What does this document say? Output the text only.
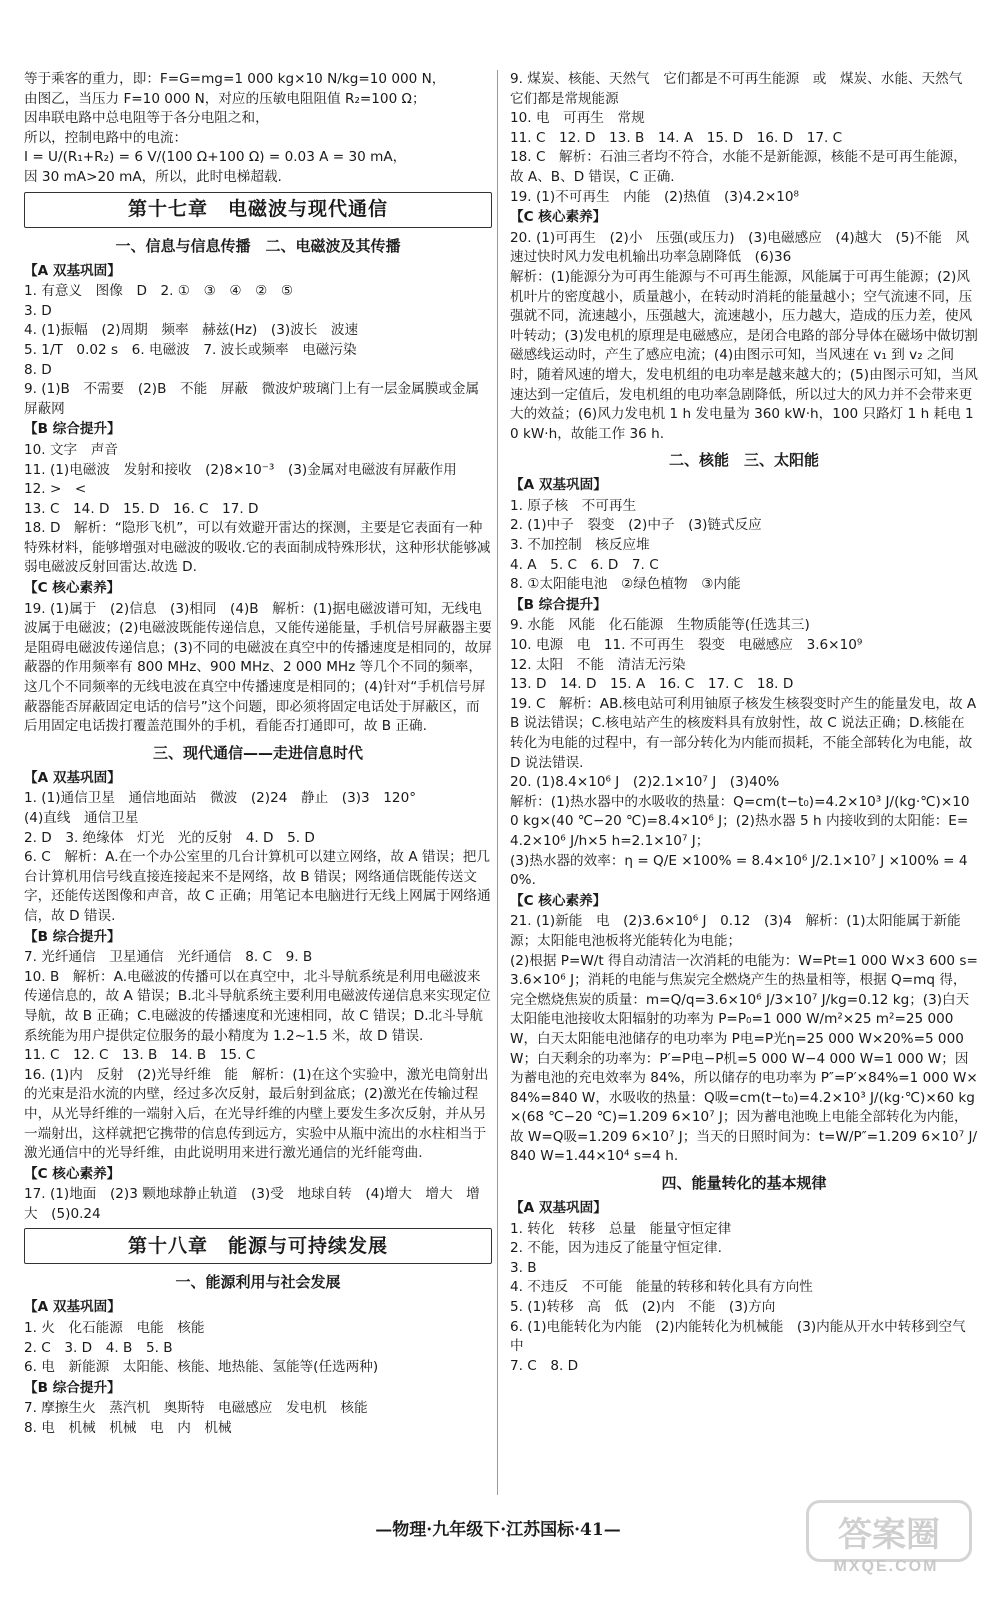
等于乘客的重力，即：F=G=mg=1 000 kg×10 N/kg=10 000 N，
由图乙，当压力 F=10 000 N，对应的压敏电阻阻值 R₂=100 Ω；
因串联电路中总电阻等于各分电阻之和，
所以，控制电路中的电流：
I = U/(R₁+R₂) = 6 V/(100 Ω+100 Ω) = 0.03 A = 30 mA，
因 30 mA>20 mA，所以，此时电梯超载.
第十七章　电磁波与现代通信
一、信息与信息传播　二、电磁波及其传播
【A 双基巩固】
1. 有意义　图像　D　2. ①　③　④　②　⑤
3. D
4. (1)振幅　(2)周期　频率　赫兹(Hz)　(3)波长　波速
5. 1/T　0.02 s　6. 电磁波　7. 波长或频率　电磁污染
8. D
9. (1)B　不需要　(2)B　不能　屏蔽　微波炉玻璃门上有一层金属膜或金属屏蔽网
【B 综合提升】
10. 文字　声音
11. (1)电磁波　发射和接收　(2)8×10⁻³　(3)金属对电磁波有屏蔽作用
12. >　<
13. C　14. D　15. D　16. C　17. D
18. D　解析：“隐形飞机”，可以有效避开雷达的探测，主要是它表面有一种特殊材料，能够增强对电磁波的吸收.它的表面制成特殊形状，这种形状能够减弱电磁波反射回雷达.故选 D.
【C 核心素养】
19. (1)属于　(2)信息　(3)相同　(4)B　解析：(1)据电磁波谱可知，无线电波属于电磁波；(2)电磁波既能传递信息，又能传递能量，手机信号屏蔽器主要是阻碍电磁波传递信息；(3)不同的电磁波在真空中的传播速度是相同的，故屏蔽器的作用频率有 800 MHz、900 MHz、2 000 MHz 等几个不同的频率，这几个不同频率的无线电波在真空中传播速度是相同的；(4)针对“手机信号屏蔽器能否屏蔽固定电话的信号”这个问题，即必须将固定电话处于屏蔽区，而后用固定电话拨打覆盖范围外的手机，看能否打通即可，故 B 正确.
三、现代通信——走进信息时代
【A 双基巩固】
1. (1)通信卫星　通信地面站　微波　(2)24　静止　(3)3　120°
(4)直线　通信卫星
2. D　3. 绝缘体　灯光　光的反射　4. D　5. D
6. C　解析：A.在一个办公室里的几台计算机可以建立网络，故 A 错误；把几台计算机用信号线直接连接起来不是网络，故 B 错误；网络通信既能传送文字，还能传送图像和声音，故 C 正确；用笔记本电脑进行无线上网属于网络通信，故 D 错误.
【B 综合提升】
7. 光纤通信　卫星通信　光纤通信　8. C　9. B
10. B　解析：A.电磁波的传播可以在真空中，北斗导航系统是利用电磁波来传递信息的，故 A 错误；B.北斗导航系统主要利用电磁波传递信息来实现定位导航，故 B 正确；C.电磁波的传播速度和光速相同，故 C 错误；D.北斗导航系统能为用户提供定位服务的最小精度为 1.2~1.5 米，故 D 错误.
11. C　12. C　13. B　14. B　15. C
16. (1)内　反射　(2)光导纤维　能　解析：(1)在这个实验中，激光电筒射出的光束是沿水流的内壁，经过多次反射，最后射到盆底；(2)激光在传输过程中，从光导纤维的一端射入后，在光导纤维的内壁上要发生多次反射，并从另一端射出，这样就把它携带的信息传到远方，实验中从瓶中流出的水柱相当于激光通信中的光导纤维，由此说明用来进行激光通信的光纤能弯曲.
【C 核心素养】
17. (1)地面　(2)3 颗地球静止轨道　(3)受　地球自转　(4)增大　增大　增大　(5)0.24
第十八章　能源与可持续发展
一、能源利用与社会发展
【A 双基巩固】
1. 火　化石能源　电能　核能
2. C　3. D　4. B　5. B
6. 电　新能源　太阳能、核能、地热能、氢能等(任选两种)
【B 综合提升】
7. 摩擦生火　蒸汽机　奥斯特　电磁感应　发电机　核能
8. 电　机械　机械　电　内　机械
9. 煤炭、核能、天然气　它们都是不可再生能源　或　煤炭、水能、天然气　它们都是常规能源
10. 电　可再生　常规
11. C　12. D　13. B　14. A　15. D　16. D　17. C
18. C　解析：石油三者均不符合，水能不是新能源，核能不是可再生能源，故 A、B、D 错误，C 正确.
19. (1)不可再生　内能　(2)热值　(3)4.2×10⁸
【C 核心素养】
20. (1)可再生　(2)小　压强(或压力)　(3)电磁感应　(4)越大　(5)不能　风速过快时风力发电机输出功率急剧降低　(6)36
解析：(1)能源分为可再生能源与不可再生能源，风能属于可再生能源；(2)风机叶片的密度越小，质量越小，在转动时消耗的能量越小；空气流速不同，压强就不同，流速越小，压强越大，流速越小，压力越大，造成的压力差，使风叶转动；(3)发电机的原理是电磁感应，是闭合电路的部分导体在磁场中做切割磁感线运动时，产生了感应电流；(4)由图示可知，当风速在 v₁ 到 v₂ 之间时，随着风速的增大，发电机组的电功率是越来越大的；(5)由图示可知，当风速达到一定值后，发电机组的电功率急剧降低，所以过大的风力并不会带来更大的效益；(6)风力发电机 1 h 发电量为 360 kW·h，100 只路灯 1 h 耗电 10 kW·h，故能工作 36 h.
二、核能　三、太阳能
【A 双基巩固】
1. 原子核　不可再生
2. (1)中子　裂变　(2)中子　(3)链式反应
3. 不加控制　核反应堆
4. A　5. C　6. D　7. C
8. ①太阳能电池　②绿色植物　③内能
【B 综合提升】
9. 水能　风能　化石能源　生物质能等(任选其三)
10. 电源　电　11. 不可再生　裂变　电磁感应　3.6×10⁹
12. 太阳　不能　清洁无污染
13. D　14. D　15. A　16. C　17. C　18. D
19. C　解析：AB.核电站可利用铀原子核发生核裂变时产生的能量发电，故 AB 说法错误；C.核电站产生的核废料具有放射性，故 C 说法正确；D.核能在转化为电能的过程中，有一部分转化为内能而损耗，不能全部转化为电能，故 D 说法错误.
20. (1)8.4×10⁶ J　(2)2.1×10⁷ J　(3)40%
解析：(1)热水器中的水吸收的热量：Q=cm(t−t₀)=4.2×10³ J/(kg·℃)×100 kg×(40 ℃−20 ℃)=8.4×10⁶ J；(2)热水器 5 h 内接收到的太阳能：E=4.2×10⁶ J/h×5 h=2.1×10⁷ J；
(3)热水器的效率：η = Q/E ×100% = 8.4×10⁶ J/2.1×10⁷ J ×100% = 40%.
【C 核心素养】
21. (1)新能　电　(2)3.6×10⁶ J　0.12　(3)4　解析：(1)太阳能属于新能源；太阳能电池板将光能转化为电能；
(2)根据 P=W/t 得自动清洁一次消耗的电能为：W=Pt=1 000 W×3 600 s=3.6×10⁶ J；消耗的电能与焦炭完全燃烧产生的热量相等，根据 Q=mq 得，完全燃烧焦炭的质量：m=Q/q=3.6×10⁶ J/3×10⁷ J/kg=0.12 kg；(3)白天太阳能电池接收太阳辐射的功率为 P=P₀=1 000 W/m²×25 m²=25 000 W，白天太阳能电池储存的电功率为 P电=P光η=25 000 W×20%=5 000 W；白天剩余的功率为：P′=P电−P机=5 000 W−4 000 W=1 000 W；因为蓄电池的充电效率为 84%，所以储存的电功率为 P″=P′×84%=1 000 W×84%=840 W，水吸收的热量：Q吸=cm(t−t₀)=4.2×10³ J/(kg·℃)×60 kg×(68 ℃−20 ℃)=1.209 6×10⁷ J；因为蓄电池晚上电能全部转化为内能，故 W=Q吸=1.209 6×10⁷ J；当天的日照时间为：t=W/P″=1.209 6×10⁷ J/840 W=1.44×10⁴ s=4 h.
四、能量转化的基本规律
【A 双基巩固】
1. 转化　转移　总量　能量守恒定律
2. 不能，因为违反了能量守恒定律.
3. B
4. 不违反　不可能　能量的转移和转化具有方向性
5. (1)转移　高　低　(2)内　不能　(3)方向
6. (1)电能转化为内能　(2)内能转化为机械能　(3)内能从开水中转移到空气中
7. C　8. D
—物理·九年级下·江苏国标·41—	答案圈
MXQE.COM
